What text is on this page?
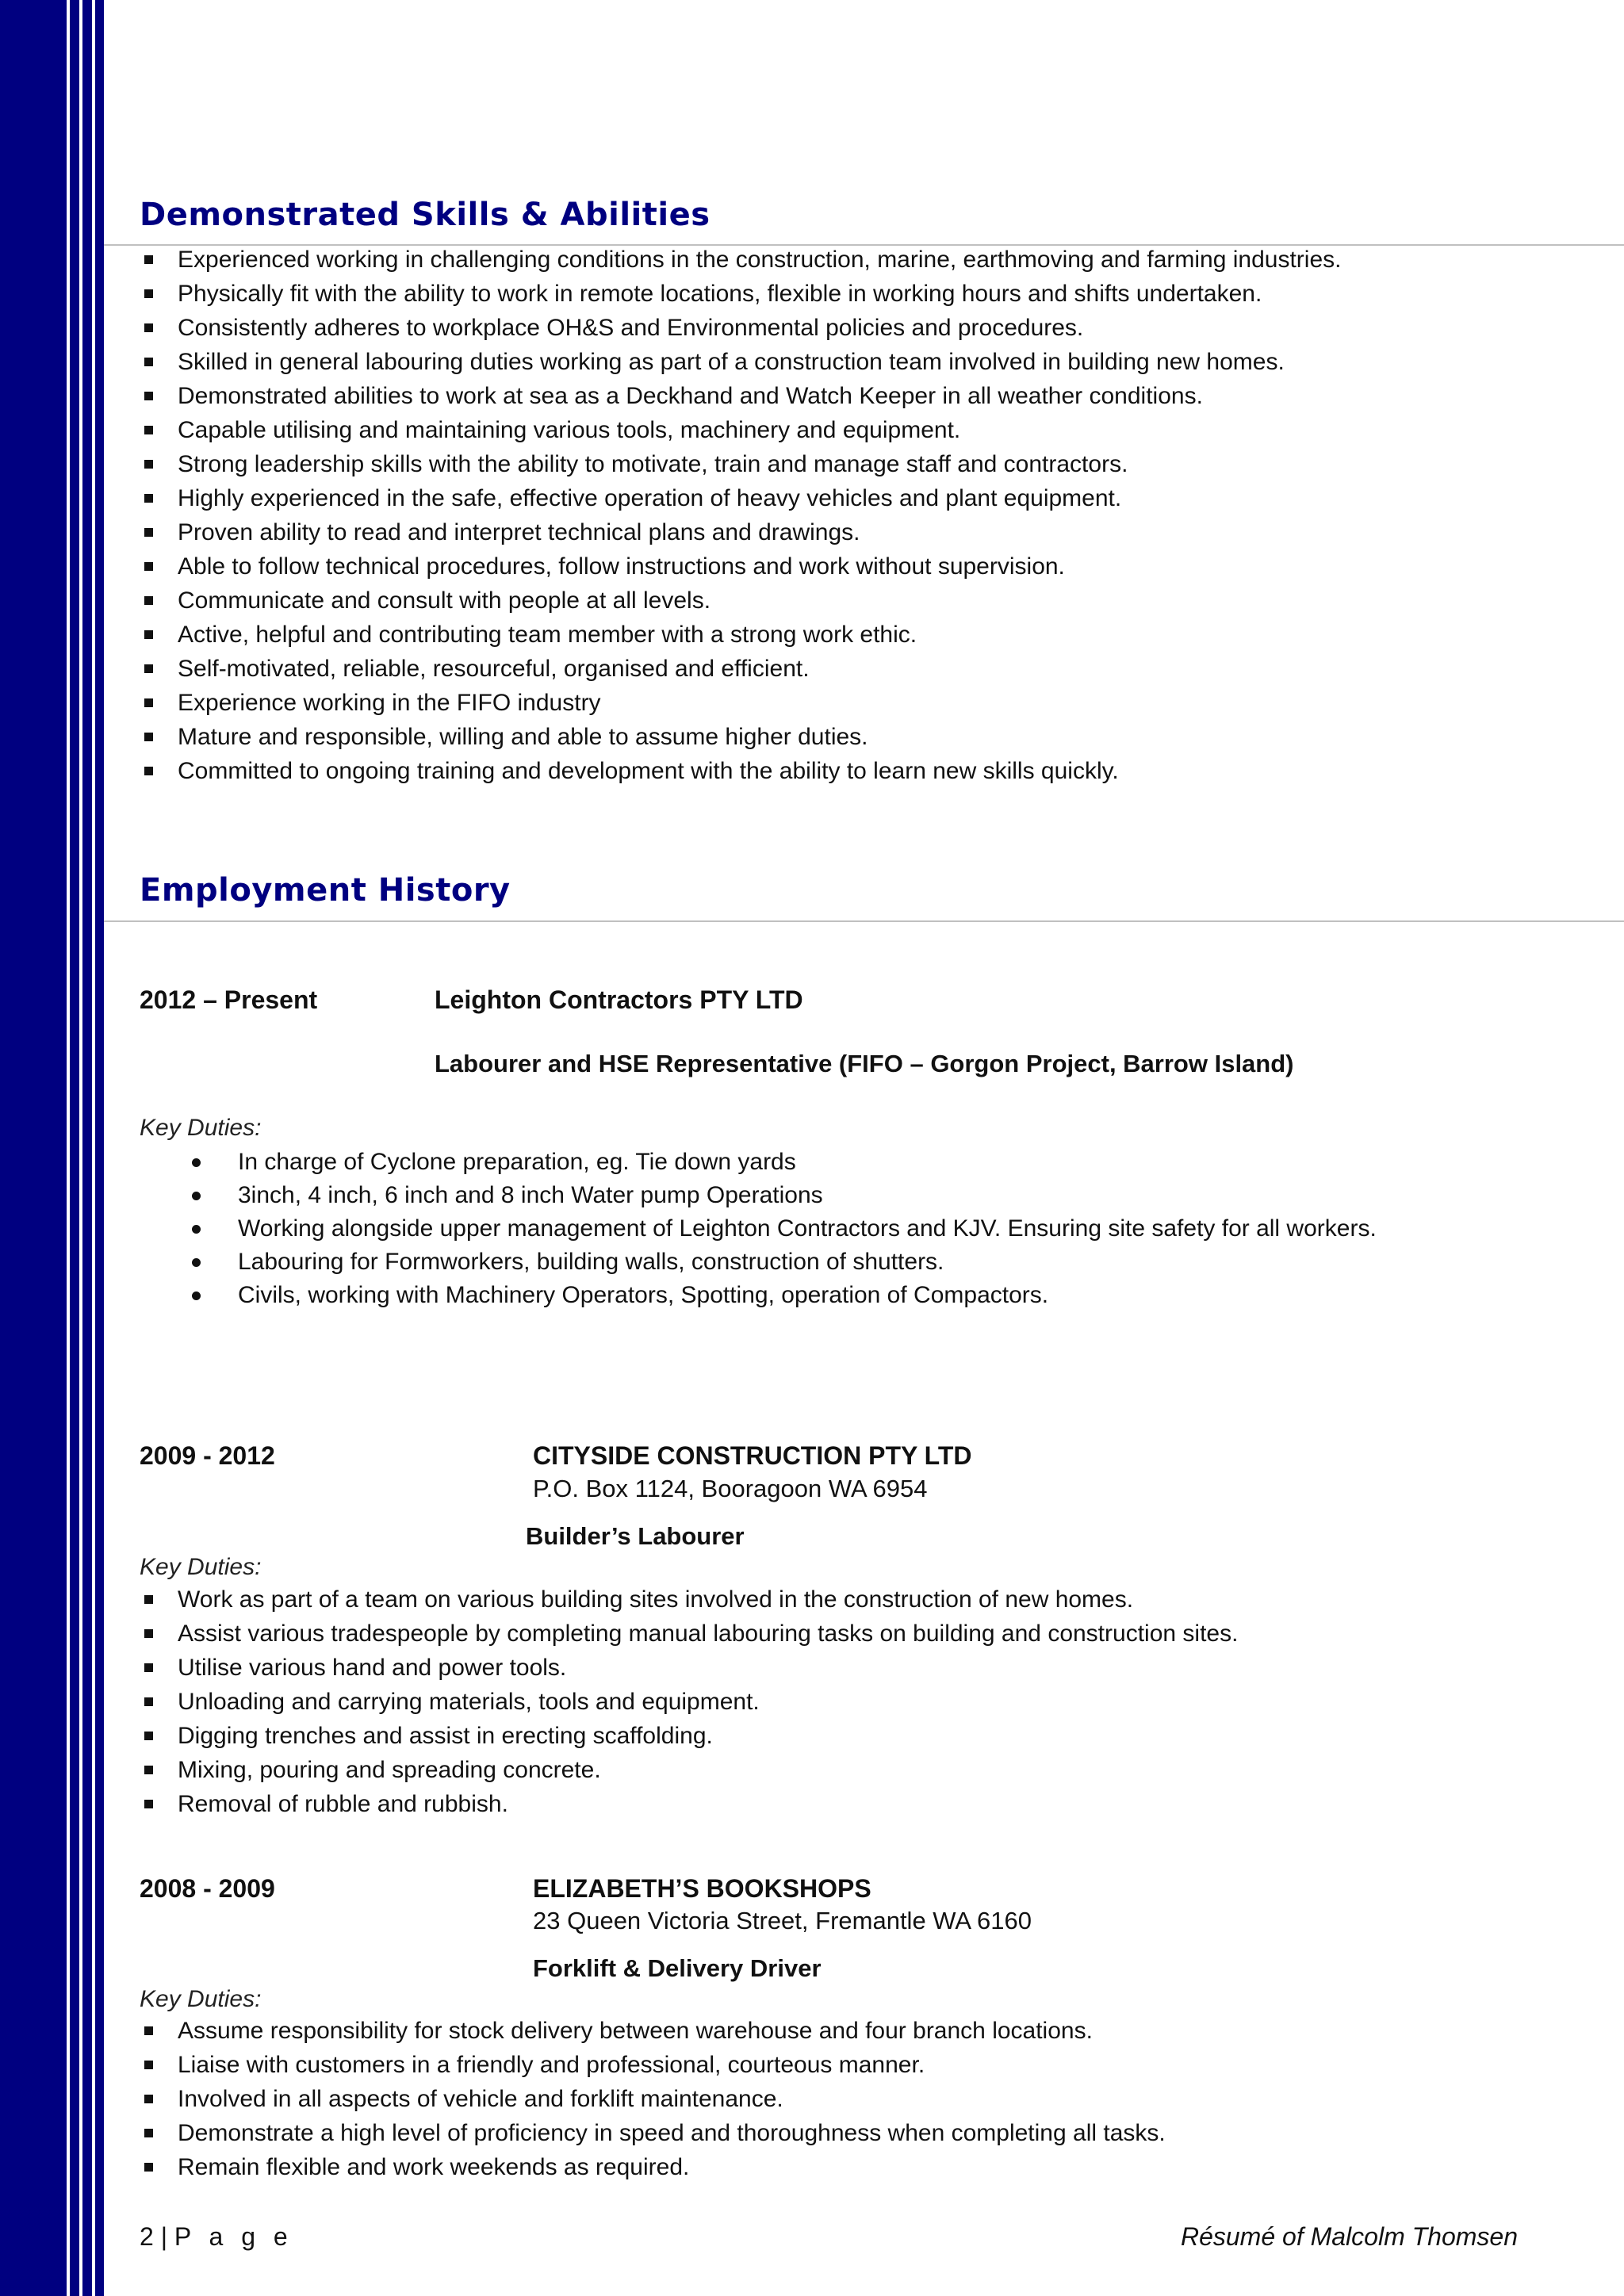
Demonstrated Skills & Abilities
Experienced working in challenging conditions in the construction, marine, earthmoving and farming industries.
Physically fit with the ability to work in remote locations, flexible in working hours and shifts undertaken.
Consistently adheres to workplace OH&S and Environmental policies and procedures.
Skilled in general labouring duties working as part of a construction team involved in building new homes.
Demonstrated abilities to work at sea as a Deckhand and Watch Keeper in all weather conditions.
Capable utilising and maintaining various tools, machinery and equipment.
Strong leadership skills with the ability to motivate, train and manage staff and contractors.
Highly experienced in the safe, effective operation of heavy vehicles and plant equipment.
Proven ability to read and interpret technical plans and drawings.
Able to follow technical procedures, follow instructions and work without supervision.
Communicate and consult with people at all levels.
Active, helpful and contributing team member with a strong work ethic.
Self-motivated, reliable, resourceful, organised and efficient.
Experience working in the FIFO industry
Mature and responsible, willing and able to assume higher duties.
Committed to ongoing training and development with the ability to learn new skills quickly.
Employment History

2012 – Present	Leighton Contractors PTY LTD

Labourer and HSE Representative (FIFO – Gorgon Project, Barrow Island)

Key Duties:

In charge of Cyclone preparation, eg. Tie down yards
3inch, 4 inch, 6 inch and 8 inch Water pump Operations
Working alongside upper management of Leighton Contractors and KJV. Ensuring site safety for all workers.
Labouring for Formworkers, building walls, construction of shutters.
Civils, working with Machinery Operators, Spotting, operation of Compactors.

2009 - 2012	CITYSIDE CONSTRUCTION PTY LTD

P.O. Box 1124, Booragoon WA 6954

Builder’s Labourer

Key Duties:

Work as part of a team on various building sites involved in the construction of new homes.
Assist various tradespeople by completing manual labouring tasks on building and construction sites.
Utilise various hand and power tools.
Unloading and carrying materials, tools and equipment.
Digging trenches and assist in erecting scaffolding.
Mixing, pouring and spreading concrete.
Removal of rubble and rubbish.

2008 - 2009	ELIZABETH’S BOOKSHOPS

23 Queen Victoria Street, Fremantle WA 6160

Forklift & Delivery Driver

Key Duties:

Assume responsibility for stock delivery between warehouse and four branch locations.
Liaise with customers in a friendly and professional, courteous manner.
Involved in all aspects of vehicle and forklift maintenance.
Demonstrate a high level of proficiency in speed and thoroughness when completing all tasks.
Remain flexible and work weekends as required.
2 | P a g e	Résumé of Malcolm Thomsen
